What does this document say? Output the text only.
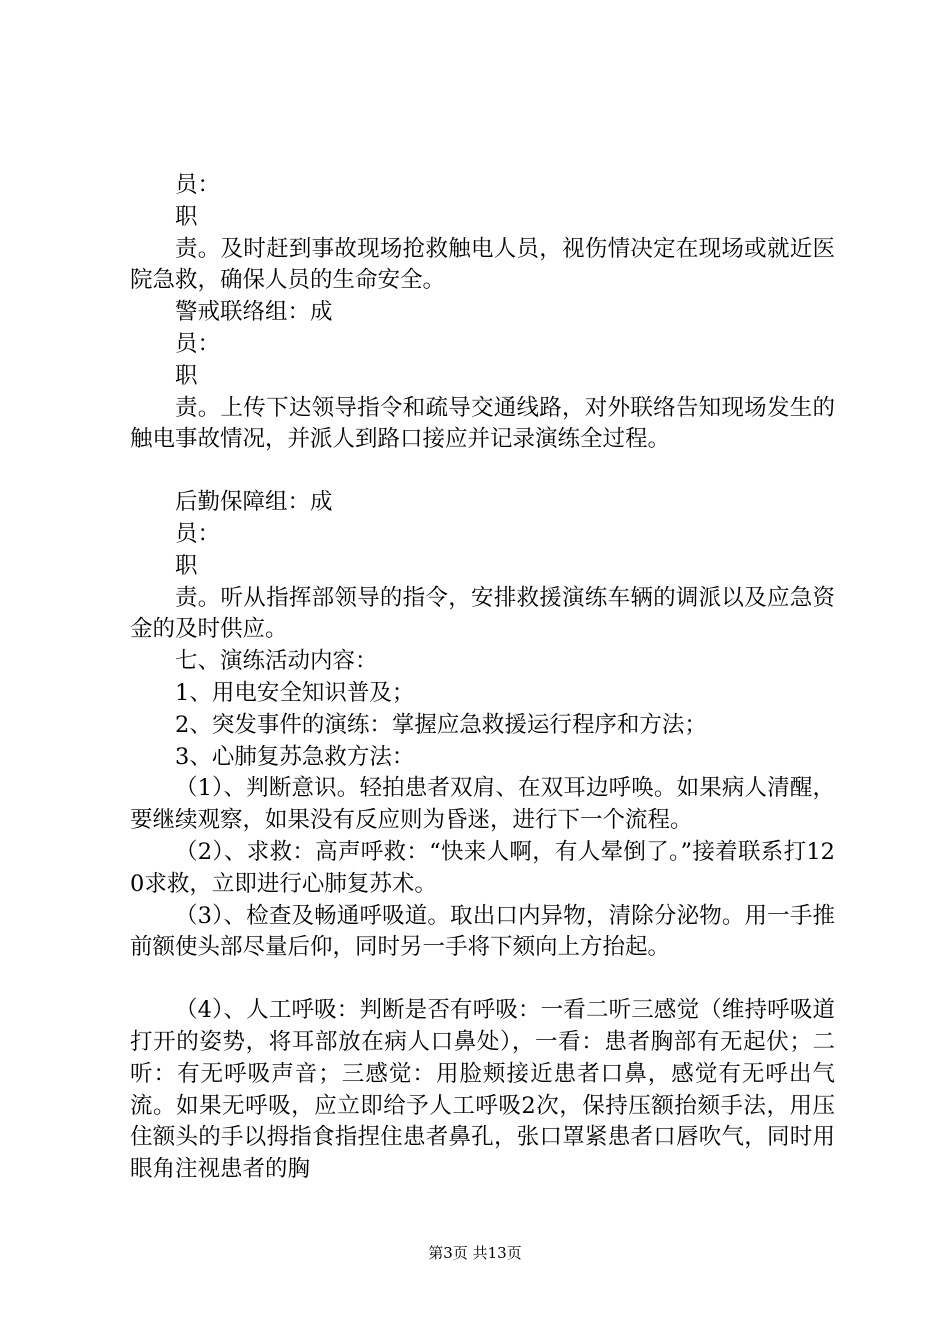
员：

职

责。及时赶到事故现场抢救触电人员，视伤情决定在现场或就近医院急救，确保人员的生命安全。

警戒联络组：成

员：

职

责。上传下达领导指令和疏导交通线路，对外联络告知现场发生的触电事故情况，并派人到路口接应并记录演练全过程。

后勤保障组：成

员：

职

责。听从指挥部领导的指令，安排救援演练车辆的调派以及应急资金的及时供应。

七、演练活动内容：

1、用电安全知识普及；

2、突发事件的演练：掌握应急救援运行程序和方法；

3、心肺复苏急救方法：

（1）、判断意识。轻拍患者双肩、在双耳边呼唤。如果病人清醒，要继续观察，如果没有反应则为昏迷，进行下一个流程。

（2）、求救：高声呼救：“快来人啊，有人晕倒了。”接着联系打120求救，立即进行心肺复苏术。

（3）、检查及畅通呼吸道。取出口内异物，清除分泌物。用一手推前额使头部尽量后仰，同时另一手将下颏向上方抬起。

（4）、人工呼吸：判断是否有呼吸：一看二听三感觉（维持呼吸道打开的姿势，将耳部放在病人口鼻处），一看：患者胸部有无起伏；二听：有无呼吸声音；三感觉：用脸颊接近患者口鼻，感觉有无呼出气流。如果无呼吸，应立即给予人工呼吸2次，保持压额抬颏手法，用压住额头的手以拇指食指捏住患者鼻孔，张口罩紧患者口唇吹气，同时用眼角注视患者的胸

第3页 共13页
